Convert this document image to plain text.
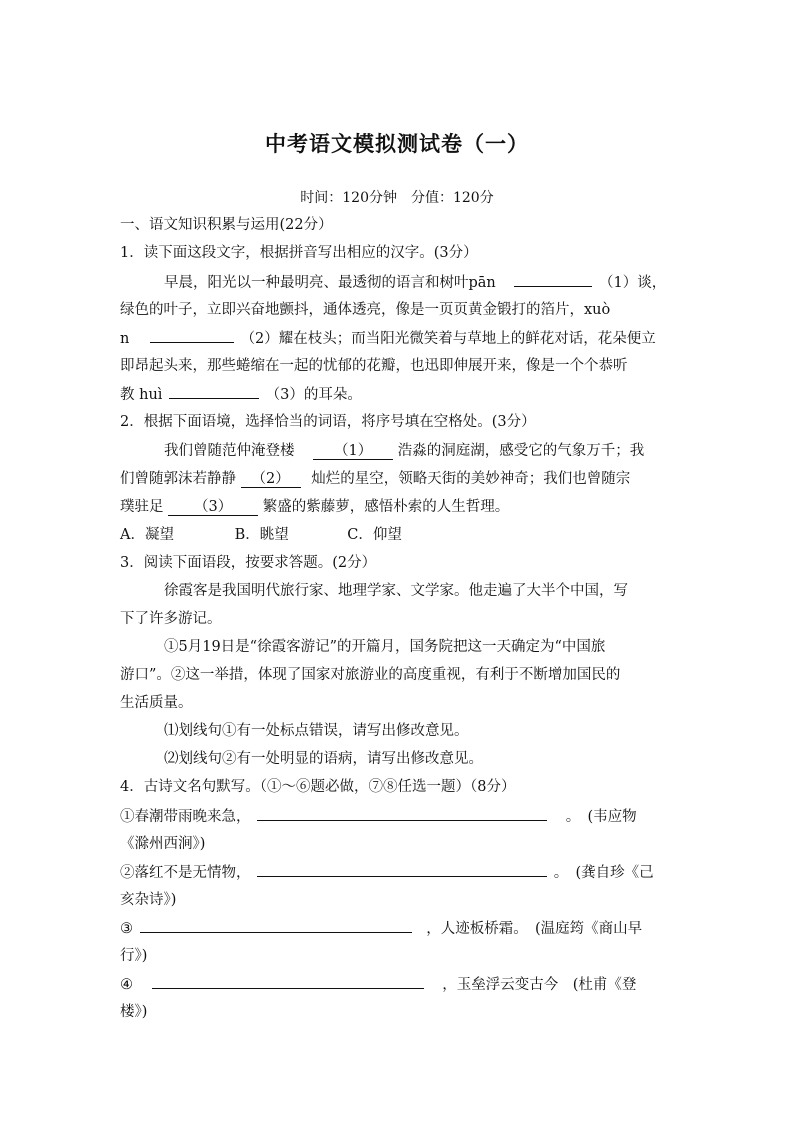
中考语文模拟测试卷（一）
时间：120分钟　分值：120分
一、语文知识积累与运用(22分）
1．读下面这段文字，根据拼音写出相应的汉字。(3分）
早晨，阳光以一种最明亮、最透彻的语言和树叶pān	（1）谈，
绿色的叶子，立即兴奋地颤抖，通体透亮，像是一页页黄金锻打的箔片，xuò
n	（2）耀在枝头；而当阳光微笑着与草地上的鲜花对话，花朵便立
即昂起头来，那些蜷缩在一起的忧郁的花瓣，也迅即伸展开来，像是一个个恭听
教 huì	（3）的耳朵。
2．根据下面语境，选择恰当的词语，将序号填在空格处。(3分）
我们曾随范仲淹登楼	（1） 浩淼的洞庭湖，感受它的气象万千；我
们曾随郭沫若静静 （2） 灿烂的星空，领略天街的美妙神奇；我们也曾随宗
璞驻足 （3） 繁盛的紫藤萝，感悟朴索的人生哲理。
A．凝望	B．眺望	C．仰望
3．阅读下面语段，按要求答题。(2分）
徐霞客是我国明代旅行家、地理学家、文学家。他走遍了大半个中国，写
下了许多游记。
①5月19日是“徐霞客游记”的开篇月，国务院把这一天确定为“中国旅
游口”。②这一举措，体现了国家对旅游业的高度重视，有利于不断增加国民的
生活质量。
⑴划线句①有一处标点错误，请写出修改意见。
⑵划线句②有一处明显的语病，请写出修改意见。
4．古诗文名句默写。（①～⑥题必做，⑦⑧任选一题）（8分）
①春潮带雨晚来急，	。　(韦应物
《滁州西涧》)
②落红不是无情物，	。　(龚自珍《己
亥杂诗》)
③	，人迹板桥霜。　(温庭筠《商山早
行》)
④	，玉垒浮云变古今　(杜甫《登
楼》)
